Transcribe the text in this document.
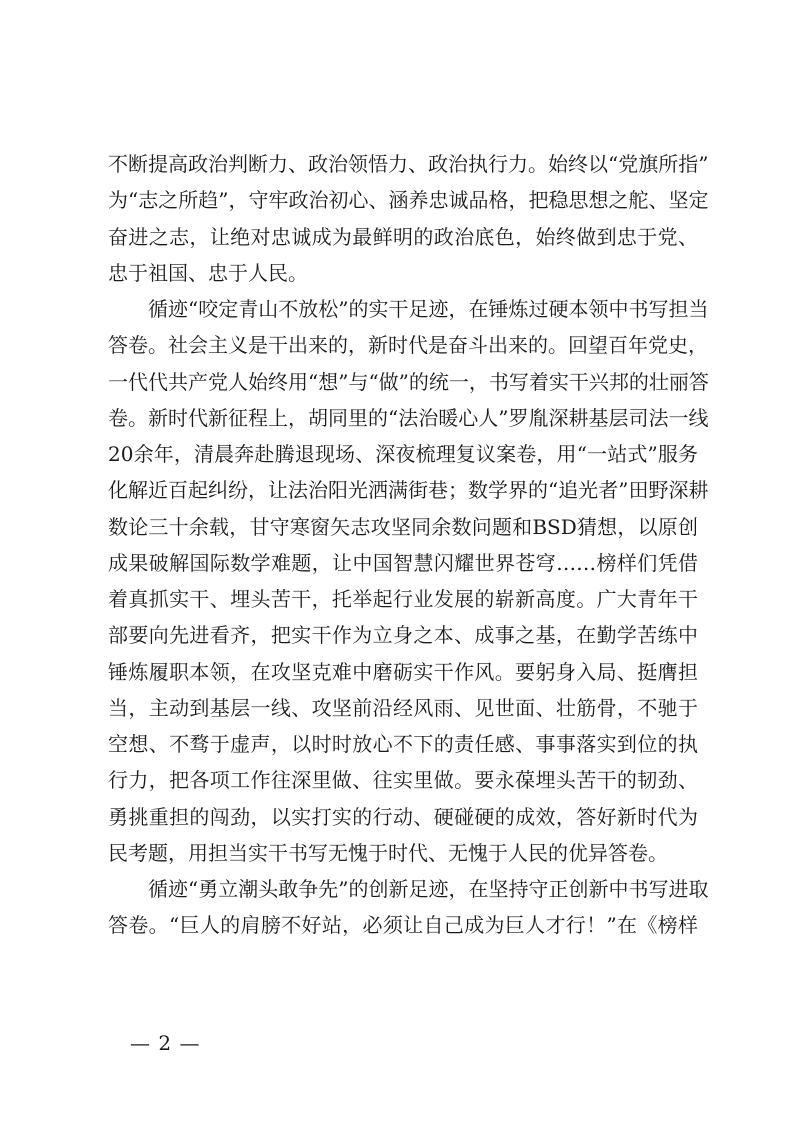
不断提高政治判断力、政治领悟力、政治执行力。始终以“党旗所指”
为“志之所趋”，守牢政治初心、涵养忠诚品格，把稳思想之舵、坚定
奋进之志，让绝对忠诚成为最鲜明的政治底色，始终做到忠于党、
忠于祖国、忠于人民。
循迹“咬定青山不放松”的实干足迹，在锤炼过硬本领中书写担当
答卷。社会主义是干出来的，新时代是奋斗出来的。回望百年党史，
一代代共产党人始终用“想”与“做”的统一，书写着实干兴邦的壮丽答
卷。新时代新征程上，胡同里的“法治暖心人”罗胤深耕基层司法一线
20余年，清晨奔赴腾退现场、深夜梳理复议案卷，用“一站式”服务
化解近百起纠纷，让法治阳光洒满街巷；数学界的“追光者”田野深耕
数论三十余载，甘守寒窗矢志攻坚同余数问题和BSD猜想，以原创
成果破解国际数学难题，让中国智慧闪耀世界苍穹……榜样们凭借
着真抓实干、埋头苦干，托举起行业发展的崭新高度。广大青年干
部要向先进看齐，把实干作为立身之本、成事之基，在勤学苦练中
锤炼履职本领，在攻坚克难中磨砺实干作风。要躬身入局、挺膺担
当，主动到基层一线、攻坚前沿经风雨、见世面、壮筋骨，不驰于
空想、不骛于虚声，以时时放心不下的责任感、事事落实到位的执
行力，把各项工作往深里做、往实里做。要永葆埋头苦干的韧劲、
勇挑重担的闯劲，以实打实的行动、硬碰硬的成效，答好新时代为
民考题，用担当实干书写无愧于时代、无愧于人民的优异答卷。
循迹“勇立潮头敢争先”的创新足迹，在坚持守正创新中书写进取
答卷。“巨人的肩膀不好站，必须让自己成为巨人才行！”在《榜样
— 2 —
